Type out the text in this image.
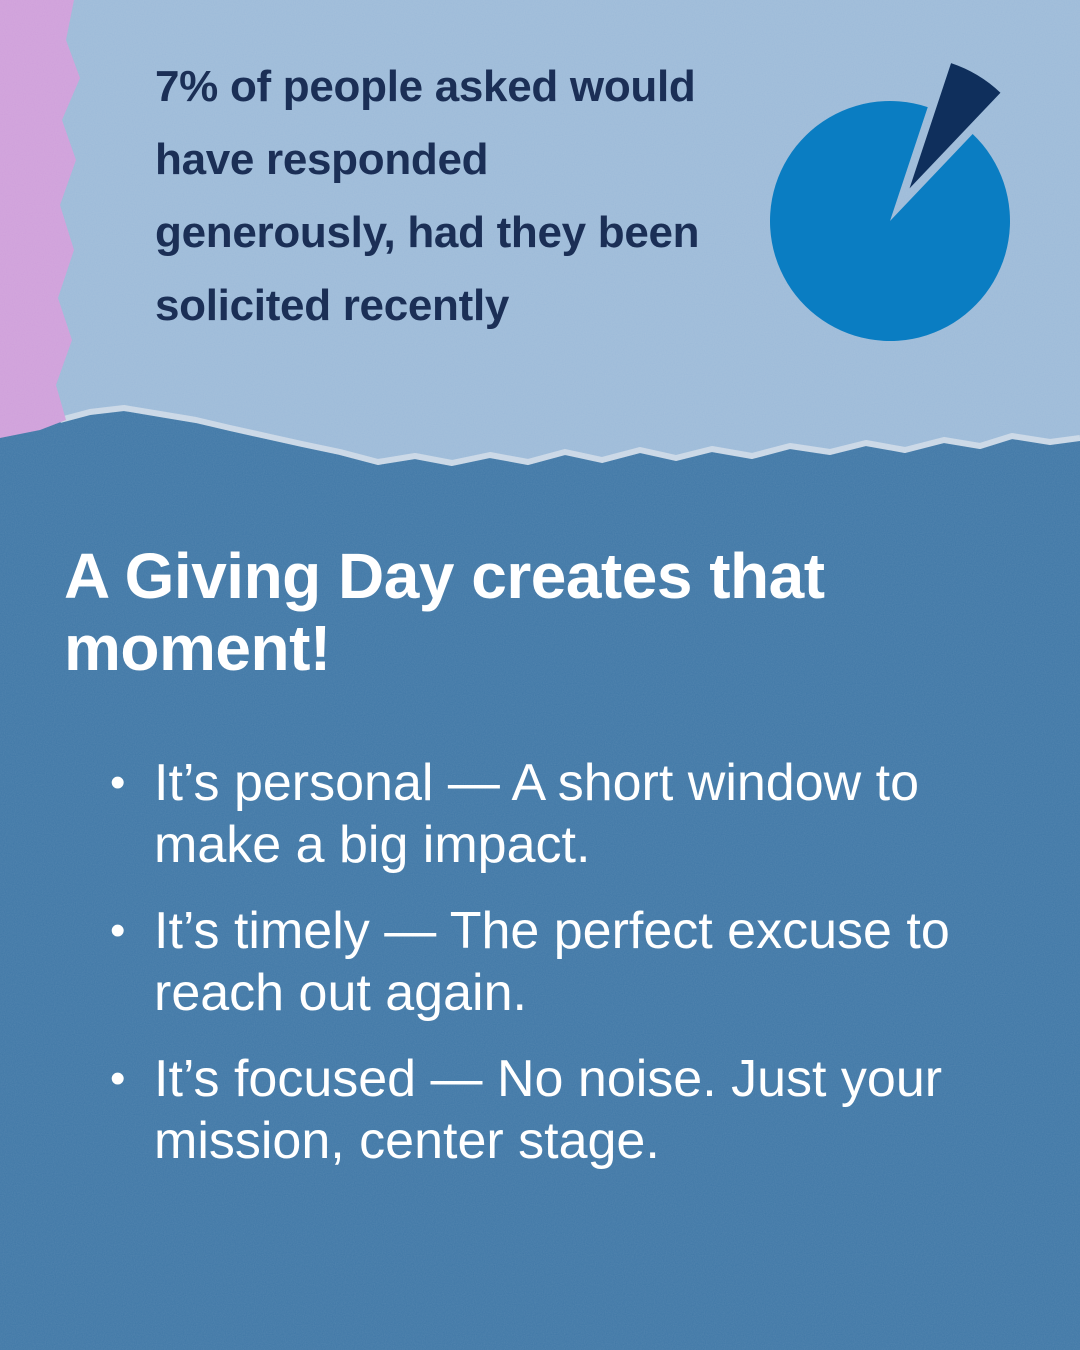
7% of people asked would have responded generously, had they been solicited recently

A Giving Day creates that moment!
• It’s personal — A short window to make a big impact.
• It’s timely — The perfect excuse to reach out again.
• It’s focused — No noise. Just your mission, center stage.
